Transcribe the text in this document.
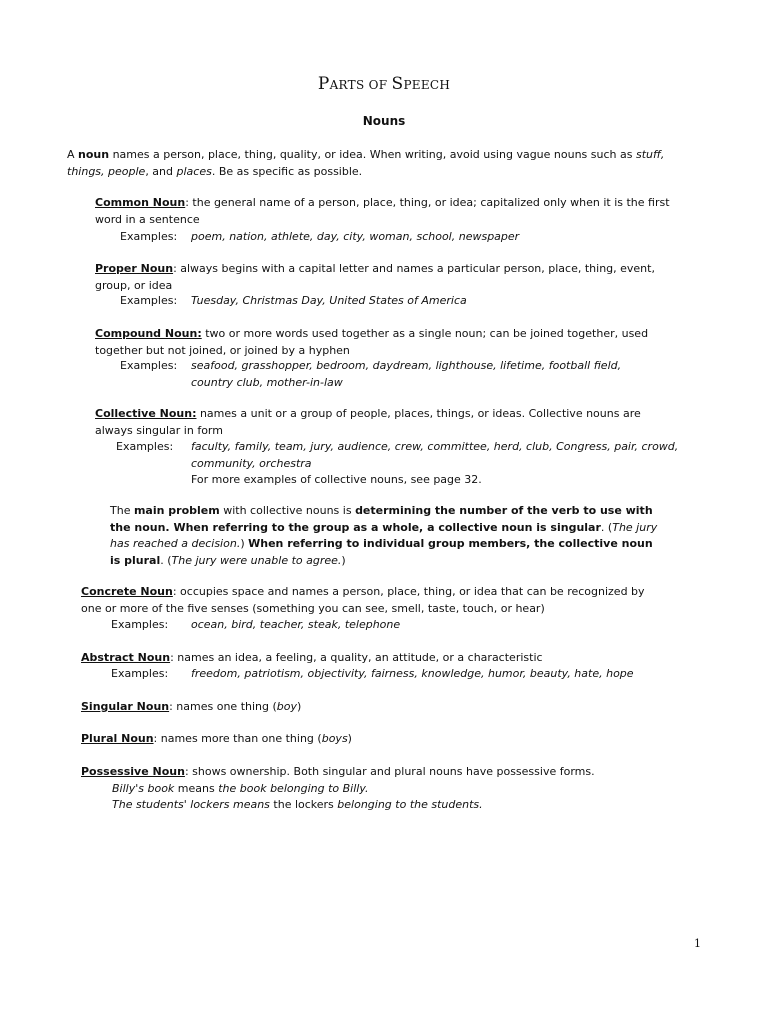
PARTS OF SPEECH
Nouns
A noun names a person, place, thing, quality, or idea. When writing, avoid using vague nouns such as stuff, things, people, and places. Be as specific as possible.
Common Noun: the general name of a person, place, thing, or idea; capitalized only when it is the first word in a sentence
Examples: poem, nation, athlete, day, city, woman, school, newspaper
Proper Noun: always begins with a capital letter and names a particular person, place, thing, event, group, or idea
Examples: Tuesday, Christmas Day, United States of America
Compound Noun: two or more words used together as a single noun; can be joined together, used together but not joined, or joined by a hyphen
Examples: seafood, grasshopper, bedroom, daydream, lighthouse, lifetime, football field,
country club, mother-in-law
Collective Noun: names a unit or a group of people, places, things, or ideas. Collective nouns are always singular in form
Examples: faculty, family, team, jury, audience, crew, committee, herd, club, Congress, pair, crowd,
community, orchestra
For more examples of collective nouns, see page 32.
The main problem with collective nouns is determining the number of the verb to use with the noun. When referring to the group as a whole, a collective noun is singular. (The jury has reached a decision.) When referring to individual group members, the collective noun is plural. (The jury were unable to agree.)
Concrete Noun: occupies space and names a person, place, thing, or idea that can be recognized by one or more of the five senses (something you can see, smell, taste, touch, or hear)
Examples: ocean, bird, teacher, steak, telephone
Abstract Noun: names an idea, a feeling, a quality, an attitude, or a characteristic
Examples: freedom, patriotism, objectivity, fairness, knowledge, humor, beauty, hate, hope
Singular Noun: names one thing (boy)
Plural Noun: names more than one thing (boys)
Possessive Noun: shows ownership. Both singular and plural nouns have possessive forms.
Billy's book means the book belonging to Billy.
The students' lockers means the lockers belonging to the students.
1
